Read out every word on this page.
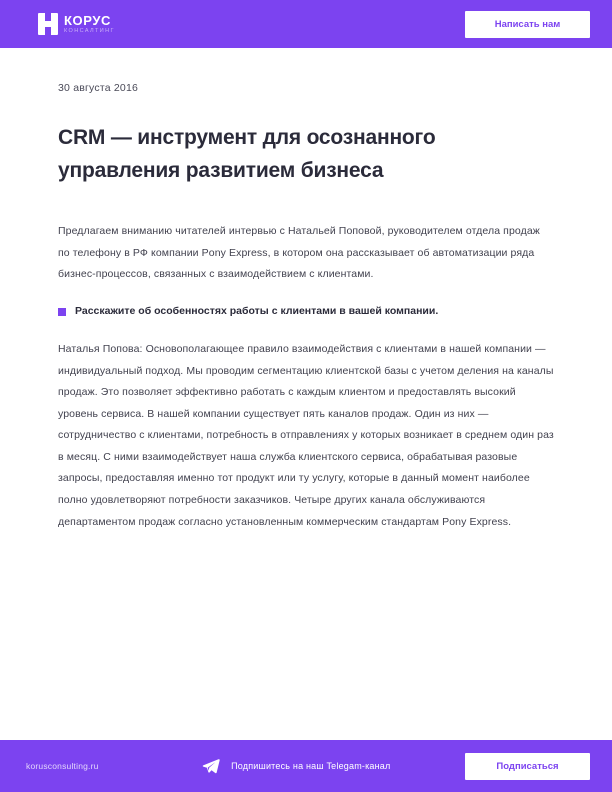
КОРУС
КОНСАЛТИНГ
Написать нам
30 августа 2016
CRM — инструмент для осознанного управления развитием бизнеса

Предлагаем вниманию читателей интервью с Натальей Поповой, руководителем отдела продаж по телефону в РФ компании Pony Express, в котором она рассказывает об автоматизации ряда бизнес-процессов, связанных с взаимодействием с клиентами.

Расскажите об особенностях работы с клиентами в вашей компании.

Наталья Попова: Основополагающее правило взаимодействия с клиентами в нашей компании — индивидуальный подход. Мы проводим сегментацию клиентской базы с учетом деления на каналы продаж. Это позволяет эффективно работать с каждым клиентом и предоставлять высокий уровень сервиса. В нашей компании существует пять каналов продаж. Один из них — сотрудничество с клиентами, потребность в отправлениях у которых возникает в среднем один раз в месяц. С ними взаимодействует наша служба клиентского сервиса, обрабатывая разовые запросы, предоставляя именно тот продукт или ту услугу, которые в данный момент наиболее полно удовлетворяют потребности заказчиков. Четыре других канала обслуживаются департаментом продаж согласно установленным коммерческим стандартам Pony Express.

korusconsulting.ru	Подпишитесь на наш Telegam-канал	Подписаться
